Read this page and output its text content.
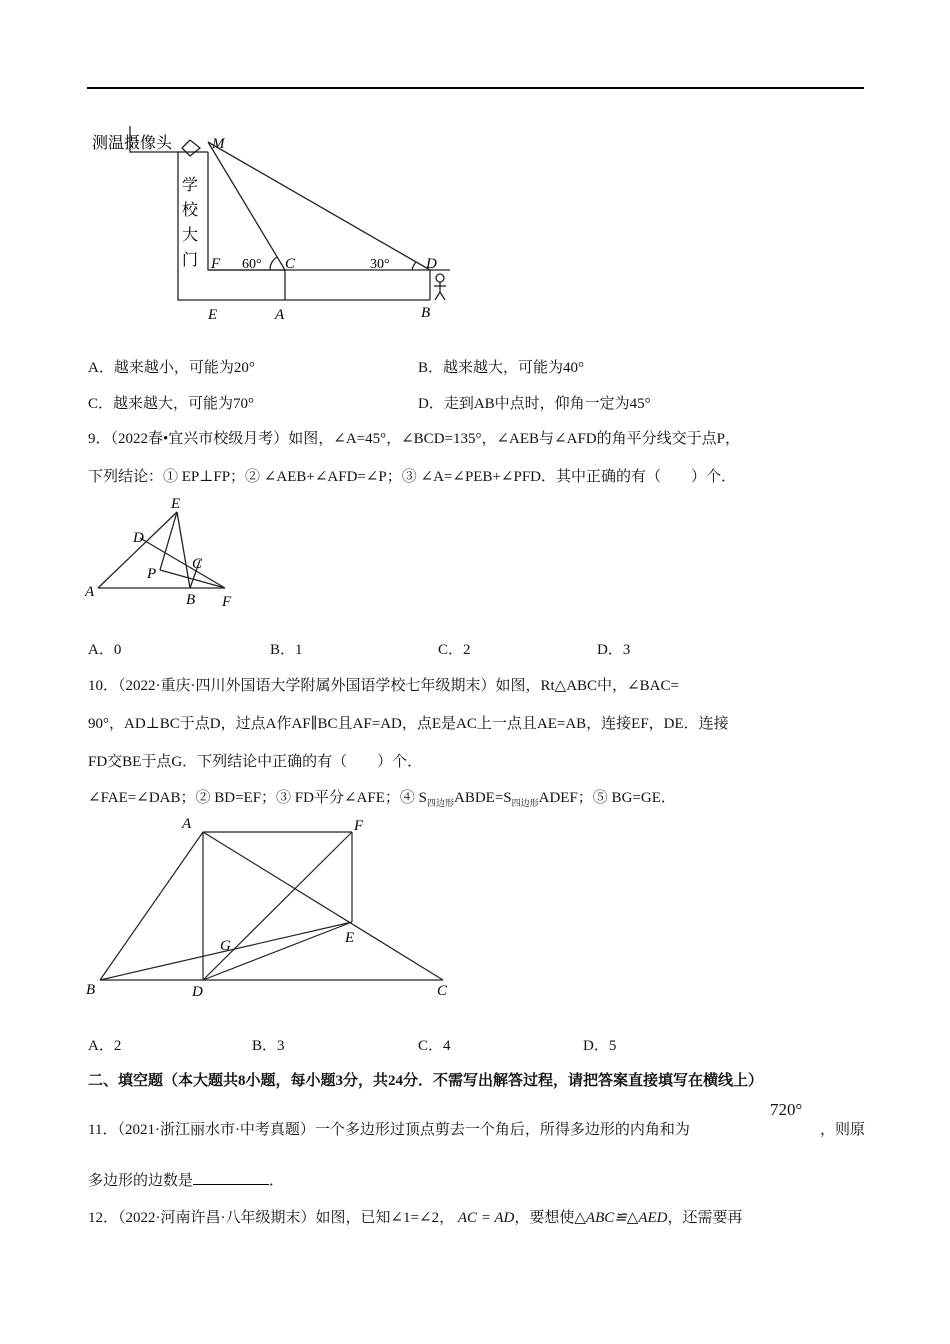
测温摄像头
学
校
大
门
M
F 60° C	30° D
E	A	B
A．越来越小，可能为20°	B．越来越大，可能为40°
C．越来越大，可能为70°	D．走到AB中点时，仰角一定为45°
9．（2022春•宜兴市校级月考）如图，∠A=45°，∠BCD=135°，∠AEB与∠AFD的角平分线交于点P，
下列结论：① EP⊥FP；② ∠AEB+∠AFD=∠P；③ ∠A=∠PEB+∠PFD．其中正确的有（　　）个．
E
D
C
P
A	B F
A．0	B．1	C．2	D．3
10．（2022·重庆·四川外国语大学附属外国语学校七年级期末）如图，Rt△ABC中，∠BAC=
90°，AD⊥BC于点D，过点A作AF∥BC且AF=AD，点E是AC上一点且AE=AB，连接EF，DE．连接
FD交BE于点G．下列结论中正确的有（　　）个．
∠FAE=∠DAB；② BD=EF；③ FD平分∠AFE；④ $S_{四边形}ABDE=S_{四边形}ADEF$；⑤ BG=GE．
A	F
G	E
B	D	C
A．2	B．3	C．4	D．5
二、填空题（本大题共8小题，每小题3分，共24分．不需写出解答过程，请把答案直接填写在横线上）
720°
11．（2021·浙江丽水市·中考真题）一个多边形过顶点剪去一个角后，所得多边形的内角和为	，则原
多边形的边数是	．
12．（2022·河南许昌·八年级期末）如图，已知∠1=∠2， AC = AD，要想使△ABC≌△AED，还需要再
